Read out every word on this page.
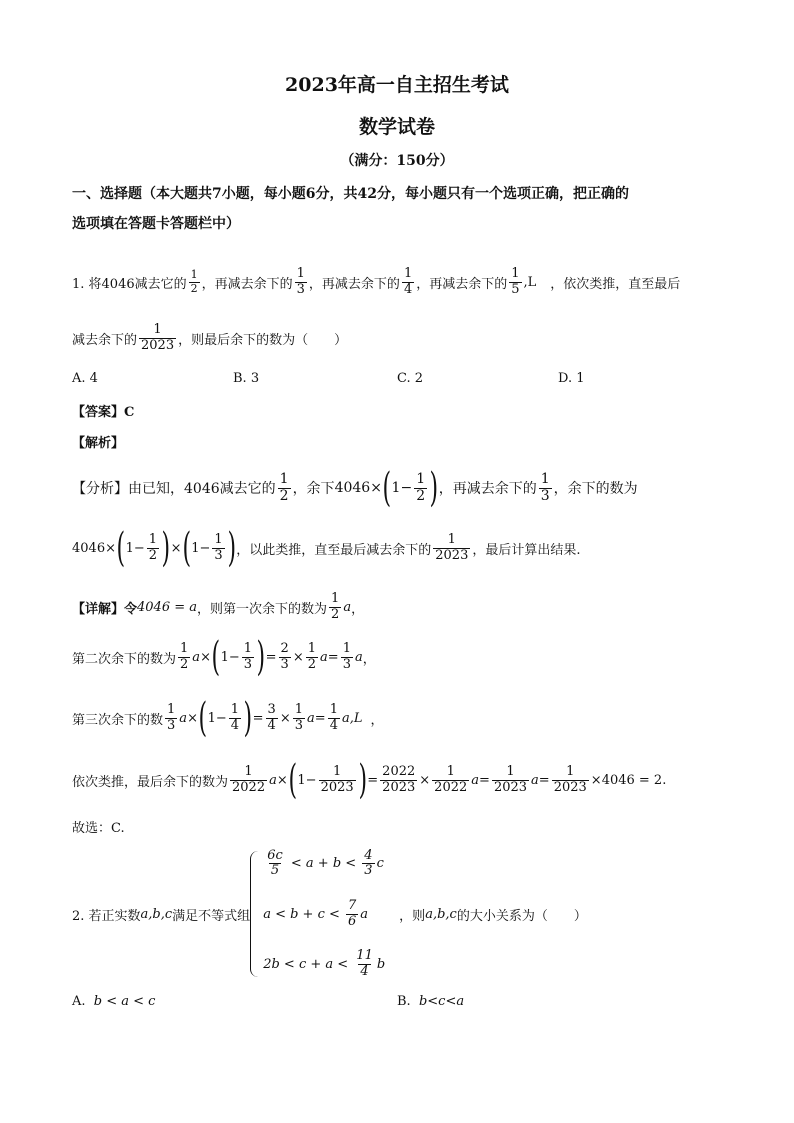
2023年高一自主招生考试
数学试卷
（满分：150分）
一、选择题（本大题共7小题，每小题6分，共42分，每小题只有一个选项正确，把正确的
选项填在答题卡答题栏中）
1. 将4046减去它的 $\frac{1}{2}$ ，再减去余下的 $\frac{1}{3}$ ，再减去余下的 $\frac{1}{4}$ ，再减去余下的 $\frac{1}{5} ,L$ ，依次类推，直至最后
减去余下的 $\frac{1}{2023}$ ，则最后余下的数为（　　）
A. 4	B. 3	C. 2	D. 1
【答案】C
【解析】
【分析】由已知，4046减去它的 $\frac{1}{2}$ ，余下 4046 × ( $1- \frac{1}{2}$ ) ，再减去余下的 $\frac{1}{3}$ ，余下的数为
4046 × ( $1- \frac{1}{2}$ ) × ( $1- \frac{1}{3}$ ) ，以此类推，直至最后减去余下的 $\frac{1}{2023}$ ，最后计算出结果.
【详解】令 4046 = a ，则第一次余下的数为 $\frac{1}{2}$ a ，
第二次余下的数为 $\frac{1}{2}$ a × ( $1- \frac{1}{3}$ ) = $\frac{2}{3} \times \frac{1}{2}$ $a = \frac{1}{3}$ a ，
第三次余下的数 $\frac{1}{3}$ a × ( $1- \frac{1}{4}$ ) = $\frac{3}{4} \times \frac{1}{3}$ $a = \frac{1}{4} a,L$ ，
依次类推，最后余下的数为 $\frac{1}{2022}$ a × ( $1- \frac{1}{2023}$ ) = $\frac{2022}{2023} \times \frac{1}{2022}$ $a = \frac{1}{2023}$ $a = \frac{1}{2023} \times 4046 = 2$ .
故选：C.
2. 若正实数 a,b,c 满足不等式组
$\frac{6c}{5} < a + b < \frac{4}{3}$ c
$a < b + c < \frac{7}{6}$ a
$2b < c + a < \frac{11}{4}$ b
，则 a,b,c 的大小关系为（　　）
A. b < a < c	B. b<c<a
